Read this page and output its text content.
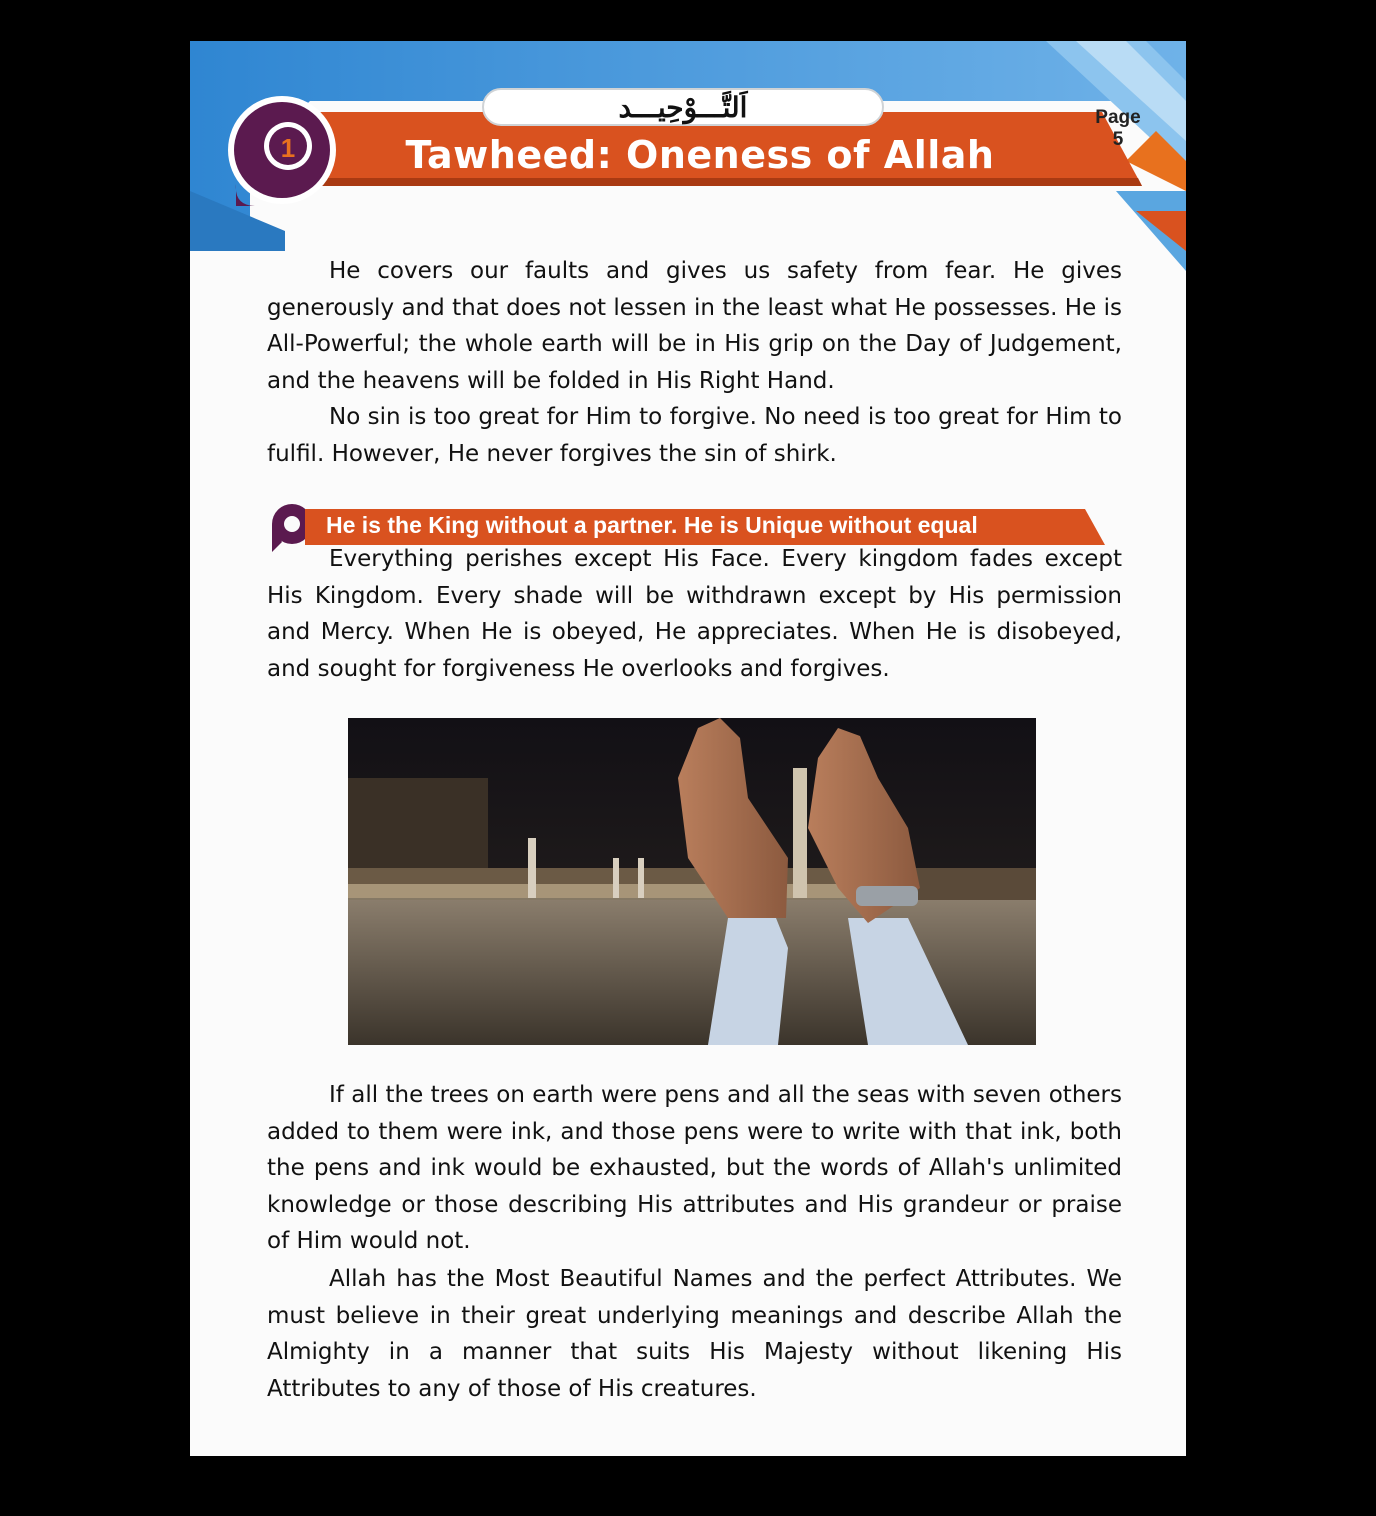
1
اَلتَّـــوْحِيـــد
Tawheed: Oneness of Allah
Page
5

He covers our faults and gives us safety from fear. He gives generously and that does not lessen in the least what He possesses. He is All-Powerful; the whole earth will be in His grip on the Day of Judgement, and the heavens will be folded in His Right Hand.

No sin is too great for Him to forgive. No need is too great for Him to fulfil. However, He never forgives the sin of shirk.

He is the King without a partner. He is Unique without equal

Everything perishes except His Face. Every kingdom fades except His Kingdom. Every shade will be withdrawn except by His permission and Mercy. When He is obeyed, He appreciates. When He is disobeyed, and sought for forgiveness He overlooks and forgives.

If all the trees on earth were pens and all the seas with seven others added to them were ink, and those pens were to write with that ink, both the pens and ink would be exhausted, but the words of Allah's unlimited knowledge or those describing His attributes and His grandeur or praise of Him would not.

Allah has the Most Beautiful Names and the perfect Attributes. We must believe in their great underlying meanings and describe Allah the Almighty in a manner that suits His Majesty without likening His Attributes to any of those of His creatures.
